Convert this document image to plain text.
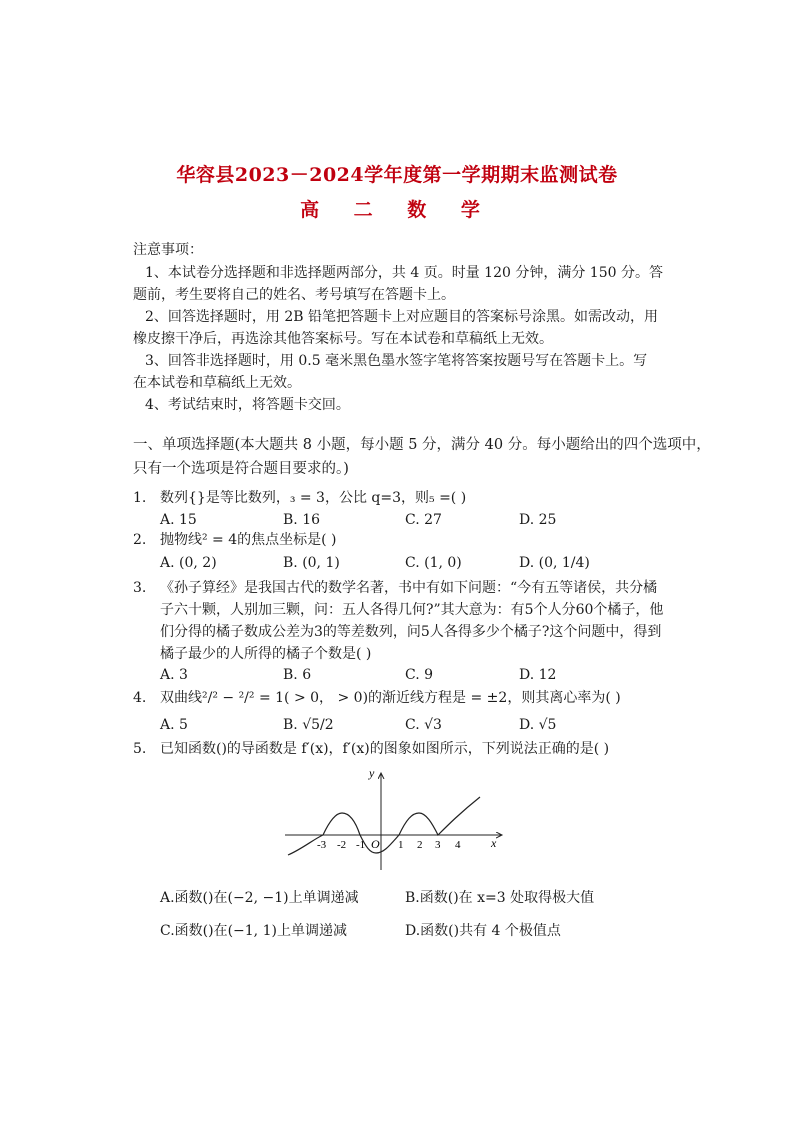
华容县2023－2024学年度第一学期期末监测试卷
高 二 数 学
注意事项：
1、本试卷分选择题和非选择题两部分，共 4 页。时量 120 分钟，满分 150 分。答
题前，考生要将自己的姓名、考号填写在答题卡上。
2、回答选择题时，用 2B 铅笔把答题卡上对应题目的答案标号涂黑。如需改动，用
橡皮擦干净后，再选涂其他答案标号。写在本试卷和草稿纸上无效。
3、回答非选择题时，用 0.5 毫米黑色墨水签字笔将答案按题号写在答题卡上。写
在本试卷和草稿纸上无效。
4、考试结束时，将答题卡交回。
一、单项选择题(本大题共 8 小题，每小题 5 分，满分 40 分。每小题给出的四个选项中，
只有一个选项是符合题目要求的。)
1. 数列{}是等比数列，₃ = 3，公比 q=3，则₅ =( )
A. 15	B. 16	C. 27	D. 25
2. 抛物线² = 4的焦点坐标是( )
A. (0, 2)	B. (0, 1)	C. (1, 0)	D. (0, 1/4)
3. 《孙子算经》是我国古代的数学名著，书中有如下问题：“今有五等诸侯，共分橘
子六十颗，人别加三颗，问：五人各得几何?”其大意为：有5个人分60个橘子，他
们分得的橘子数成公差为3的等差数列，问5人各得多少个橘子?这个问题中，得到
橘子最少的人所得的橘子个数是( )
A. 3	B. 6	C. 9	D. 12
4. 双曲线²/² − ²/² = 1( > 0， > 0)的渐近线方程是 = ±2，则其离心率为( )
A. 5	B. √5/2	C. √3	D. √5
5. 已知函数()的导函数是 f′(x)，f′(x)的图象如图所示，下列说法正确的是( )
y
x
O
-3 -2 -1	1 2 3 4
A.函数()在(−2, −1)上单调递减	B.函数()在 x=3 处取得极大值
C.函数()在(−1, 1)上单调递减	D.函数()共有 4 个极值点
